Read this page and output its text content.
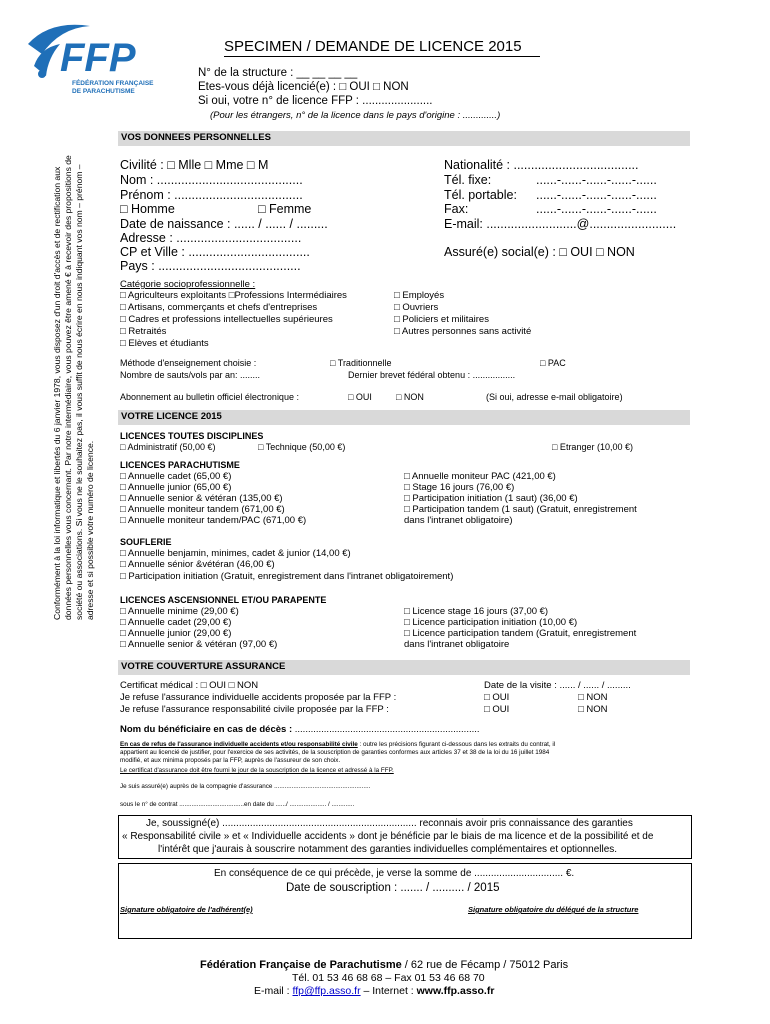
FFP
FÉDÉRATION FRANÇAISE
DE PARACHUTISME
SPECIMEN / DEMANDE DE LICENCE 2015
N° de la structure : __ __ __ __
Etes-vous déjà licencié(e) : □ OUI □ NON
Si oui, votre n° de licence FFP : ......................
(Pour les étrangers, n° de la licence dans le pays d'origine : .............)
Conformément à la loi informatique et libertés du 6 janvier 1978, vous disposez d'un droit d'accès et de rectification aux données personnelles vous concernant. Par notre intermédiaire, vous pouvez être amené € à recevoir des propositions de société ou associations. Si vous ne le souhaitez pas, il vous suffit de nous écrire en nous indiquant vos nom – prénom – adresse et si possible votre numéro de licence.
VOS DONNEES PERSONNELLES
Civilité : □ Mlle □ Mme □ M
Nom : ..........................................
Prénom : .....................................
□ Homme	□ Femme
Date de naissance : ...... / ...... / .........
Adresse : ....................................
CP et Ville : ...................................
Pays : .........................................
Nationalité : ....................................
Tél. fixe:	......-......-......-......-......
Tél. portable: ......-......-......-......-......
Fax:	......-......-......-......-......
E-mail: ..........................@.........................
Assuré(e) social(e) : □ OUI □ NON
Catégorie socioprofessionnelle :
□ Agriculteurs exploitants □Professions Intermédiaires
□ Artisans, commerçants et chefs d'entreprises
□ Cadres et professions intellectuelles supérieures
□ Retraités
□ Elèves et étudiants
□ Employés
□ Ouvriers
□ Policiers et militaires
□ Autres personnes sans activité
Méthode d'enseignement choisie :	□ Traditionnelle	□ PAC
Nombre de sauts/vols par an: ........	Dernier brevet fédéral obtenu : .................
Abonnement au bulletin officiel électronique :	□ OUI	□ NON	(Si oui, adresse e-mail obligatoire)
VOTRE LICENCE 2015
LICENCES TOUTES DISCIPLINES
□ Administratif (50,00 €)	□ Technique (50,00 €)	□ Etranger (10,00 €)
LICENCES PARACHUTISME
□ Annuelle cadet (65,00 €)
□ Annuelle junior (65,00 €)
□ Annuelle senior & vétéran (135,00 €)
□ Annuelle moniteur tandem (671,00 €)
□ Annuelle moniteur tandem/PAC (671,00 €)
□ Annuelle moniteur PAC (421,00 €)
□ Stage 16 jours (76,00 €)
□ Participation initiation (1 saut) (36,00 €)
□ Participation tandem (1 saut) (Gratuit, enregistrement
dans l'intranet obligatoire)
SOUFLERIE
□ Annuelle benjamin, minimes, cadet & junior (14,00 €)
□ Annuelle sénior &vétéran (46,00 €)
□ Participation initiation (Gratuit, enregistrement dans l'intranet obligatoirement)
LICENCES ASCENSIONNEL ET/OU PARAPENTE
□ Annuelle minime (29,00 €)
□ Annuelle cadet (29,00 €)
□ Annuelle junior (29,00 €)
□ Annuelle senior & vétéran (97,00 €)
□ Licence stage 16 jours (37,00 €)
□ Licence participation initiation (10,00 €)
□ Licence participation tandem (Gratuit, enregistrement
dans l'intranet obligatoire
VOTRE COUVERTURE ASSURANCE
Certificat médical : □ OUI □ NON
Je refuse l'assurance individuelle accidents proposée par la FFP :
Je refuse l'assurance responsabilité civile proposée par la FFP :
Date de la visite : ...... / ...... / .........
□ OUI	□ NON
□ OUI	□ NON
Nom du bénéficiaire en cas de décès : ......................................................................
En cas de refus de l'assurance individuelle accidents et/ou responsabilité civile : outre les précisions figurant ci-dessous dans les extraits du contrat, il
appartient au licencié de justifier, pour l'exercice de ses activités, de la souscription de garanties conformes aux articles 37 et 38 de la loi du 16 juillet 1984
modifié, et aux minima proposés par la FFP, auprès de l'assureur de son choix.
Le certificat d'assurance doit être fourni le jour de la souscription de la licence et adressé à la FFP.
Je suis assuré(e) auprès de la compagnie d'assurance .......................................................
sous le n° de contrat .....................................en date du ....../ ..................... / .............
Je, soussigné(e) ...................................................................... reconnais avoir pris connaissance des garanties
« Responsabilité civile » et « Individuelle accidents » dont je bénéficie par le biais de ma licence et de la possibilité et de
l'intérêt que j'aurais à souscrire notamment des garanties individuelles complémentaires et optionnelles.
En conséquence de ce qui précède, je verse la somme de ................................ €.
Date de souscription : ....... / .......... / 2015
Signature obligatoire de l'adhérent(e)	Signature obligatoire du délégué de la structure
Fédération Française de Parachutisme / 62 rue de Fécamp / 75012 Paris
Tél. 01 53 46 68 68 – Fax 01 53 46 68 70
E-mail : ffp@ffp.asso.fr – Internet : www.ffp.asso.fr
